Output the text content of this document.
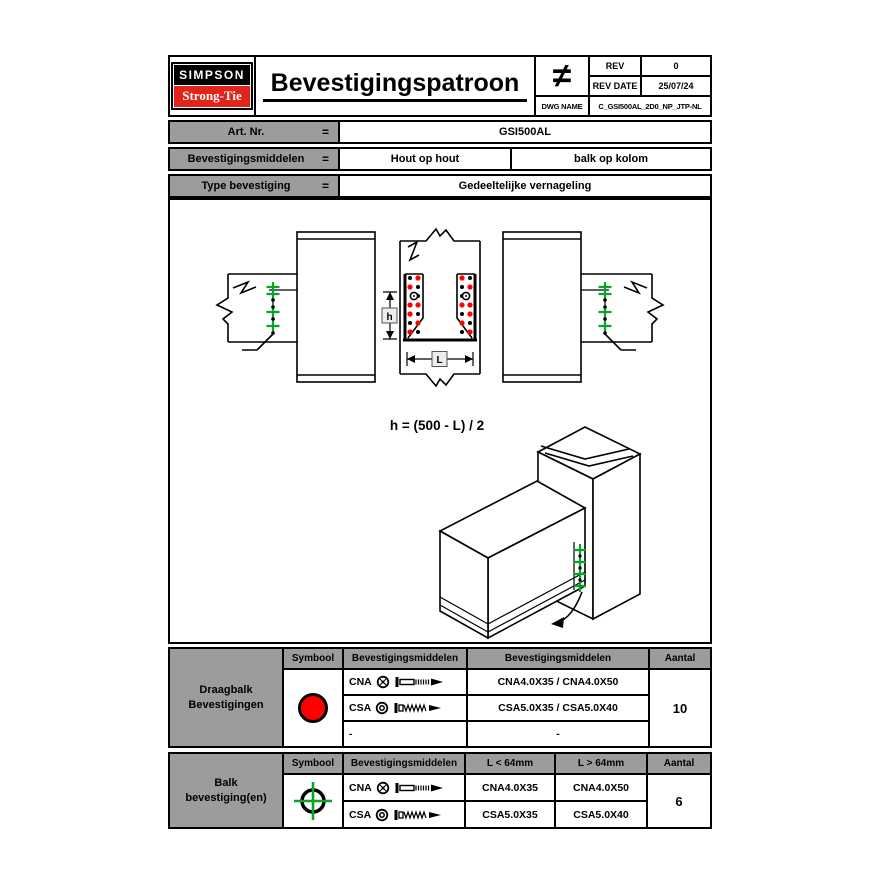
SIMPSON
Strong-Tie	Bevestigingspatroon ≠	REV	0
REV DATE	25/07/24
DWG NAME	C_GSI500AL_2D0_NP_JTP-NL
Art. Nr.	=	GSI500AL
Bevestigingsmiddelen	=	Hout op hout	balk op kolom
Type bevestiging	=	Gedeeltelijke vernageling
h
L
h = (500 - L) / 2
Draagbalk Bevestigingen
Symbool	Bevestigingsmiddelen	Bevestigingsmiddelen	Aantal
CNA	CNA4.0X35 / CNA4.0X50
CSA	CSA5.0X35 / CSA5.0X40
-	-
10
Balk bevestiging(en)
Symbool	Bevestigingsmiddelen	L < 64mm	L > 64mm	Aantal
CNA	CNA4.0X35	CNA4.0X50
CSA	CSA5.0X35	CSA5.0X40
6
